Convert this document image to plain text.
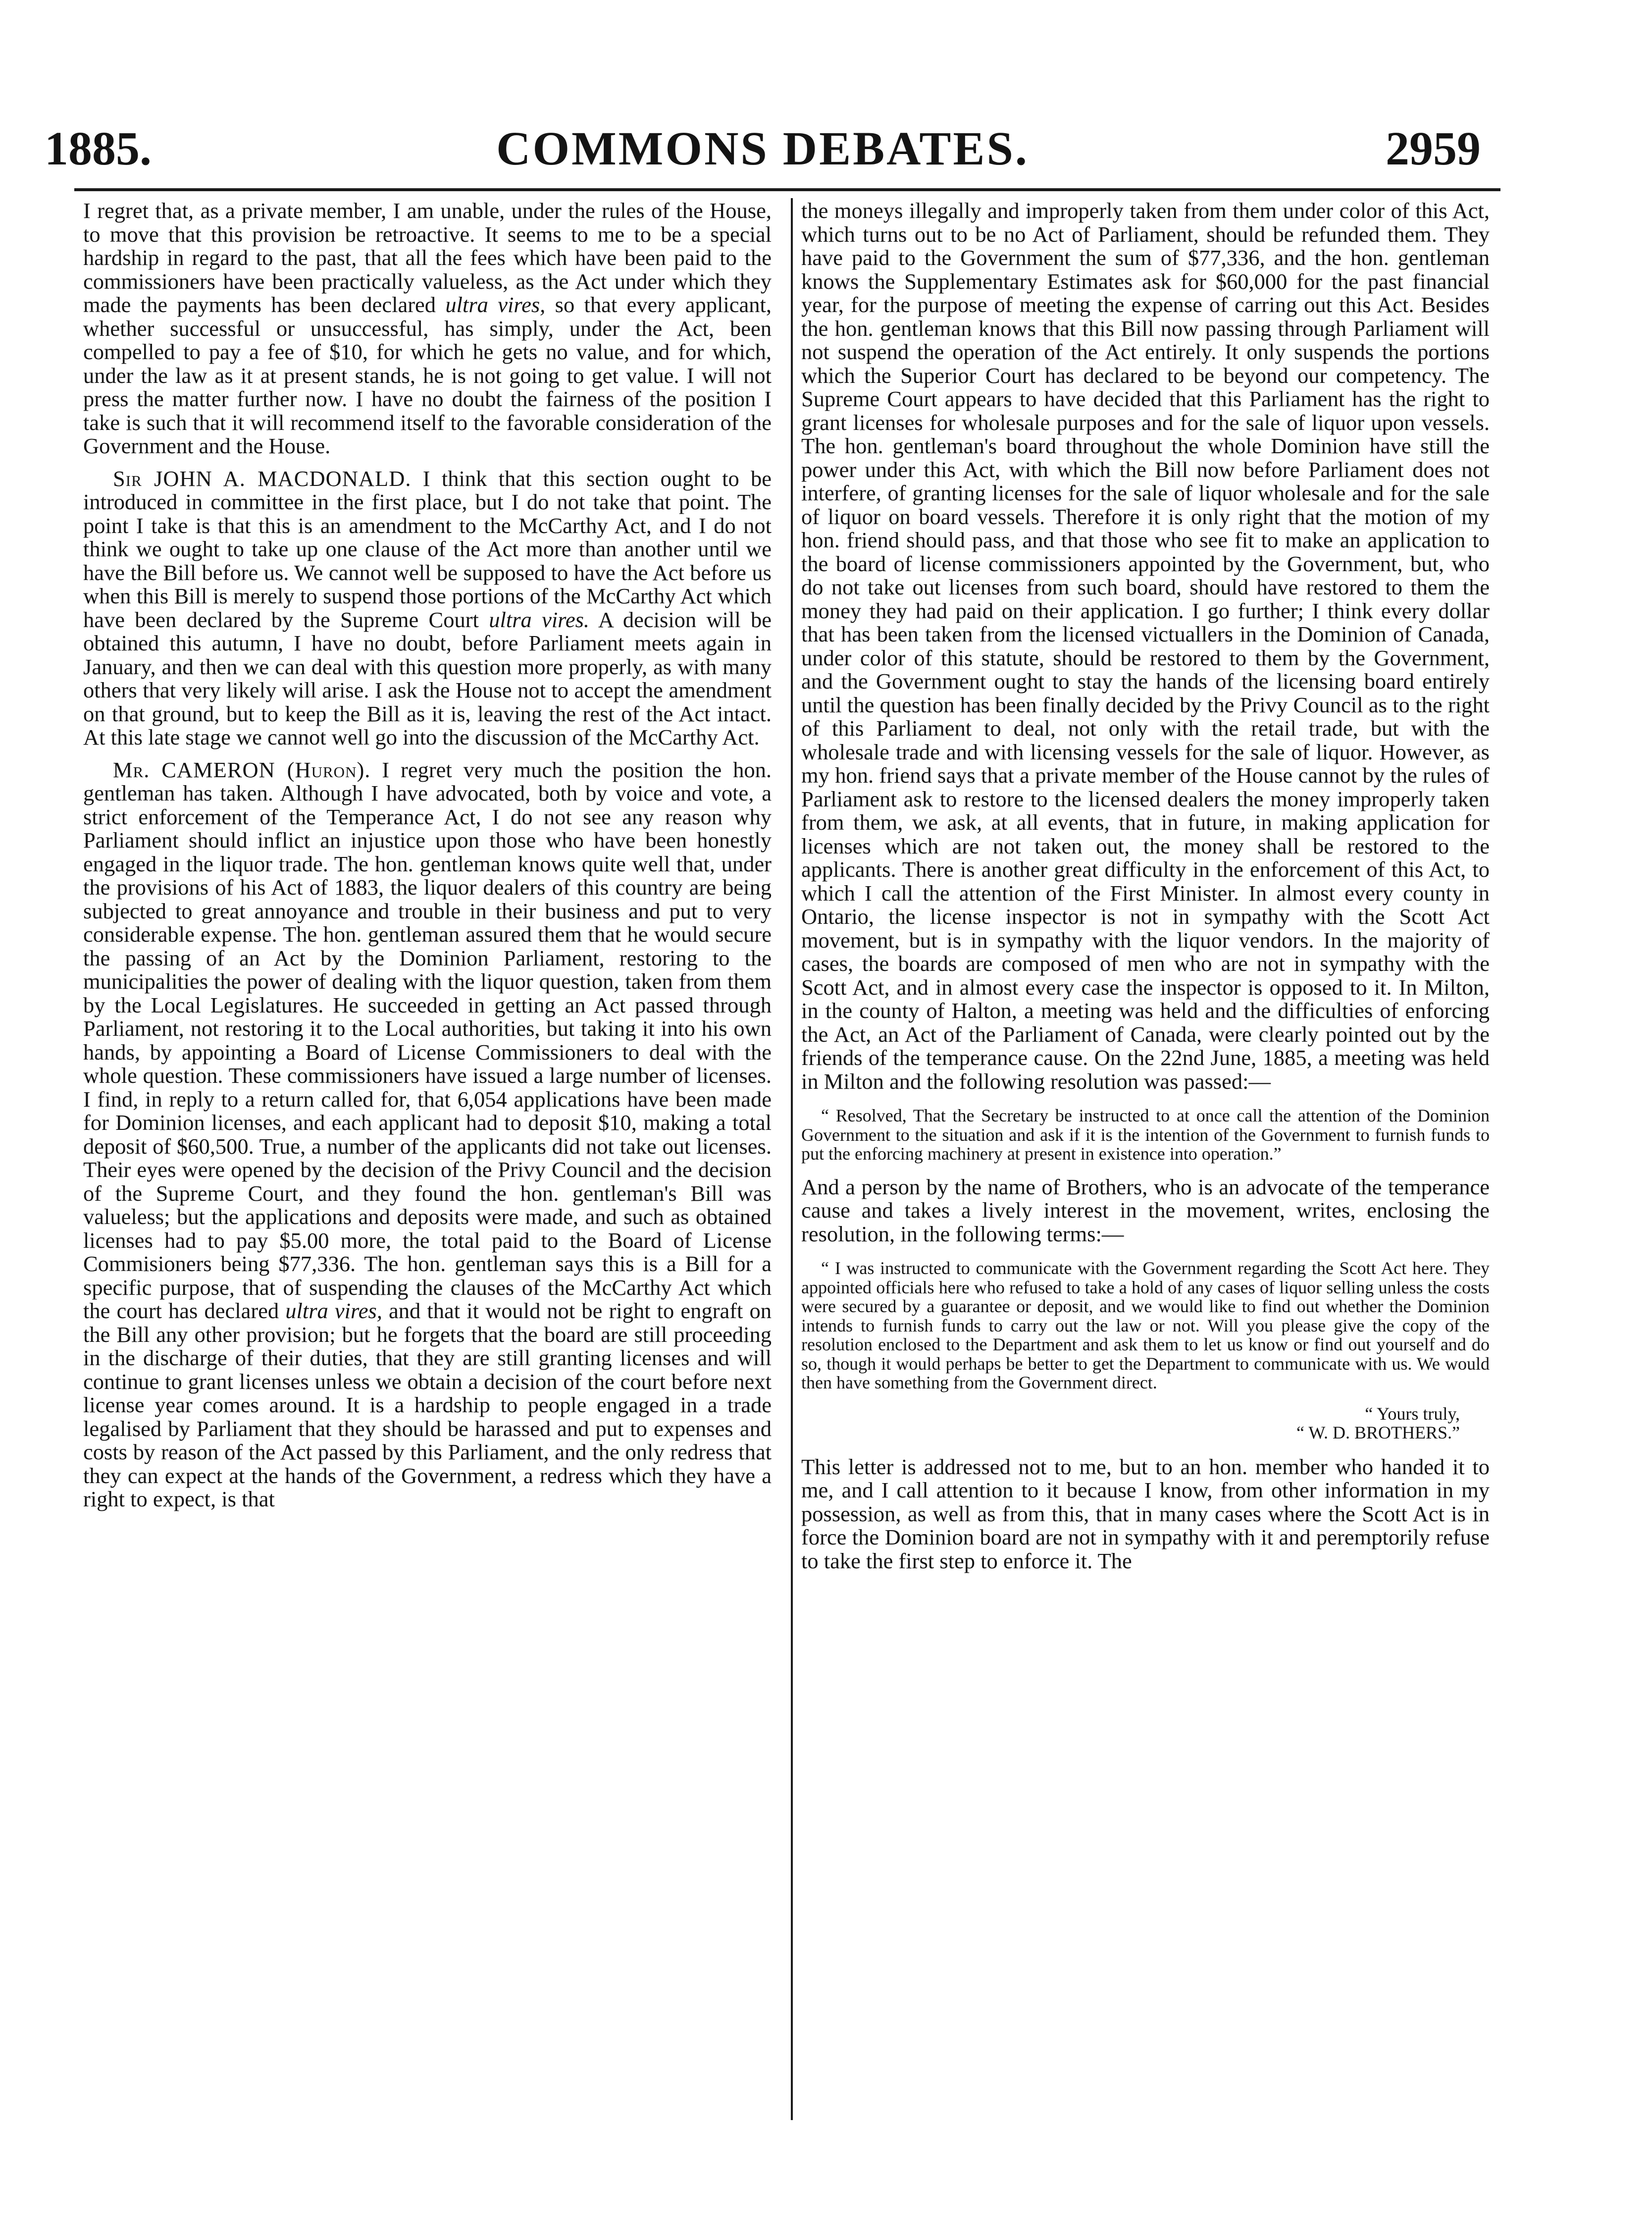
1885.	COMMONS DEBATES.	2959

I regret that, as a private member, I am unable, under the rules of the House, to move that this provision be retroactive. It seems to me to be a special hardship in regard to the past, that all the fees which have been paid to the commissioners have been practically valueless, as the Act under which they made the payments has been declared ultra vires, so that every applicant, whether successful or unsuccessful, has simply, under the Act, been compelled to pay a fee of $10, for which he gets no value, and for which, under the law as it at present stands, he is not going to get value. I will not press the matter further now. I have no doubt the fairness of the position I take is such that it will recommend itself to the favorable consideration of the Government and the House.

Sir JOHN A. MACDONALD. I think that this section ought to be introduced in committee in the first place, but I do not take that point. The point I take is that this is an amendment to the McCarthy Act, and I do not think we ought to take up one clause of the Act more than another until we have the Bill before us. We cannot well be supposed to have the Act before us when this Bill is merely to suspend those portions of the McCarthy Act which have been declared by the Supreme Court ultra vires. A decision will be obtained this autumn, I have no doubt, before Parliament meets again in January, and then we can deal with this question more properly, as with many others that very likely will arise. I ask the House not to accept the amendment on that ground, but to keep the Bill as it is, leaving the rest of the Act intact. At this late stage we cannot well go into the discussion of the McCarthy Act.

Mr. CAMERON (Huron). I regret very much the position the hon. gentleman has taken. Although I have advocated, both by voice and vote, a strict enforcement of the Temperance Act, I do not see any reason why Parliament should inflict an injustice upon those who have been honestly engaged in the liquor trade. The hon. gentleman knows quite well that, under the provisions of his Act of 1883, the liquor dealers of this country are being subjected to great annoyance and trouble in their business and put to very considerable expense. The hon. gentleman assured them that he would secure the passing of an Act by the Dominion Parliament, restoring to the municipalities the power of dealing with the liquor question, taken from them by the Local Legislatures. He succeeded in getting an Act passed through Parliament, not restoring it to the Local authorities, but taking it into his own hands, by appointing a Board of License Commissioners to deal with the whole question. These commissioners have issued a large number of licenses. I find, in reply to a return called for, that 6,054 applications have been made for Dominion licenses, and each applicant had to deposit $10, making a total deposit of $60,500. True, a number of the applicants did not take out licenses. Their eyes were opened by the decision of the Privy Council and the decision of the Supreme Court, and they found the hon. gentleman's Bill was valueless; but the applications and deposits were made, and such as obtained licenses had to pay $5.00 more, the total paid to the Board of License Commisioners being $77,336. The hon. gentleman says this is a Bill for a specific purpose, that of suspending the clauses of the McCarthy Act which the court has declared ultra vires, and that it would not be right to engraft on the Bill any other provision; but he forgets that the board are still proceeding in the discharge of their duties, that they are still granting licenses and will continue to grant licenses unless we obtain a decision of the court before next license year comes around. It is a hardship to people engaged in a trade legalised by Parliament that they should be harassed and put to expenses and costs by reason of the Act passed by this Parliament, and the only redress that they can expect at the hands of the Government, a redress which they have a right to expect, is that

the moneys illegally and improperly taken from them under color of this Act, which turns out to be no Act of Parliament, should be refunded them. They have paid to the Government the sum of $77,336, and the hon. gentleman knows the Supplementary Estimates ask for $60,000 for the past financial year, for the purpose of meeting the expense of carring out this Act. Besides the hon. gentleman knows that this Bill now passing through Parliament will not suspend the operation of the Act entirely. It only suspends the portions which the Superior Court has declared to be beyond our competency. The Supreme Court appears to have decided that this Parliament has the right to grant licenses for wholesale purposes and for the sale of liquor upon vessels. The hon. gentleman's board throughout the whole Dominion have still the power under this Act, with which the Bill now before Parliament does not interfere, of granting licenses for the sale of liquor wholesale and for the sale of liquor on board vessels. Therefore it is only right that the motion of my hon. friend should pass, and that those who see fit to make an application to the board of license commissioners appointed by the Government, but, who do not take out licenses from such board, should have restored to them the money they had paid on their application. I go further; I think every dollar that has been taken from the licensed victuallers in the Dominion of Canada, under color of this statute, should be restored to them by the Government, and the Government ought to stay the hands of the licensing board entirely until the question has been finally decided by the Privy Council as to the right of this Parliament to deal, not only with the retail trade, but with the wholesale trade and with licensing vessels for the sale of liquor. However, as my hon. friend says that a private member of the House cannot by the rules of Parliament ask to restore to the licensed dealers the money improperly taken from them, we ask, at all events, that in future, in making application for licenses which are not taken out, the money shall be restored to the applicants. There is another great difficulty in the enforcement of this Act, to which I call the attention of the First Minister. In almost every county in Ontario, the license inspector is not in sympathy with the Scott Act movement, but is in sympathy with the liquor vendors. In the majority of cases, the boards are composed of men who are not in sympathy with the Scott Act, and in almost every case the inspector is opposed to it. In Milton, in the county of Halton, a meeting was held and the difficulties of enforcing the Act, an Act of the Parliament of Canada, were clearly pointed out by the friends of the temperance cause. On the 22nd June, 1885, a meeting was held in Milton and the following resolution was passed:—

“ Resolved, That the Secretary be instructed to at once call the attention of the Dominion Government to the situation and ask if it is the intention of the Government to furnish funds to put the enforcing machinery at present in existence into operation.”

And a person by the name of Brothers, who is an advocate of the temperance cause and takes a lively interest in the movement, writes, enclosing the resolution, in the following terms:—

“ I was instructed to communicate with the Government regarding the Scott Act here. They appointed officials here who refused to take a hold of any cases of liquor selling unless the costs were secured by a guarantee or deposit, and we would like to find out whether the Dominion intends to furnish funds to carry out the law or not. Will you please give the copy of the resolution enclosed to the Department and ask them to let us know or find out yourself and do so, though it would perhaps be better to get the Department to communicate with us. We would then have something from the Government direct.
“ Yours truly,
“ W. D. BROTHERS.”

This letter is addressed not to me, but to an hon. member who handed it to me, and I call attention to it because I know, from other information in my possession, as well as from this, that in many cases where the Scott Act is in force the Dominion board are not in sympathy with it and peremptorily refuse to take the first step to enforce it. The
